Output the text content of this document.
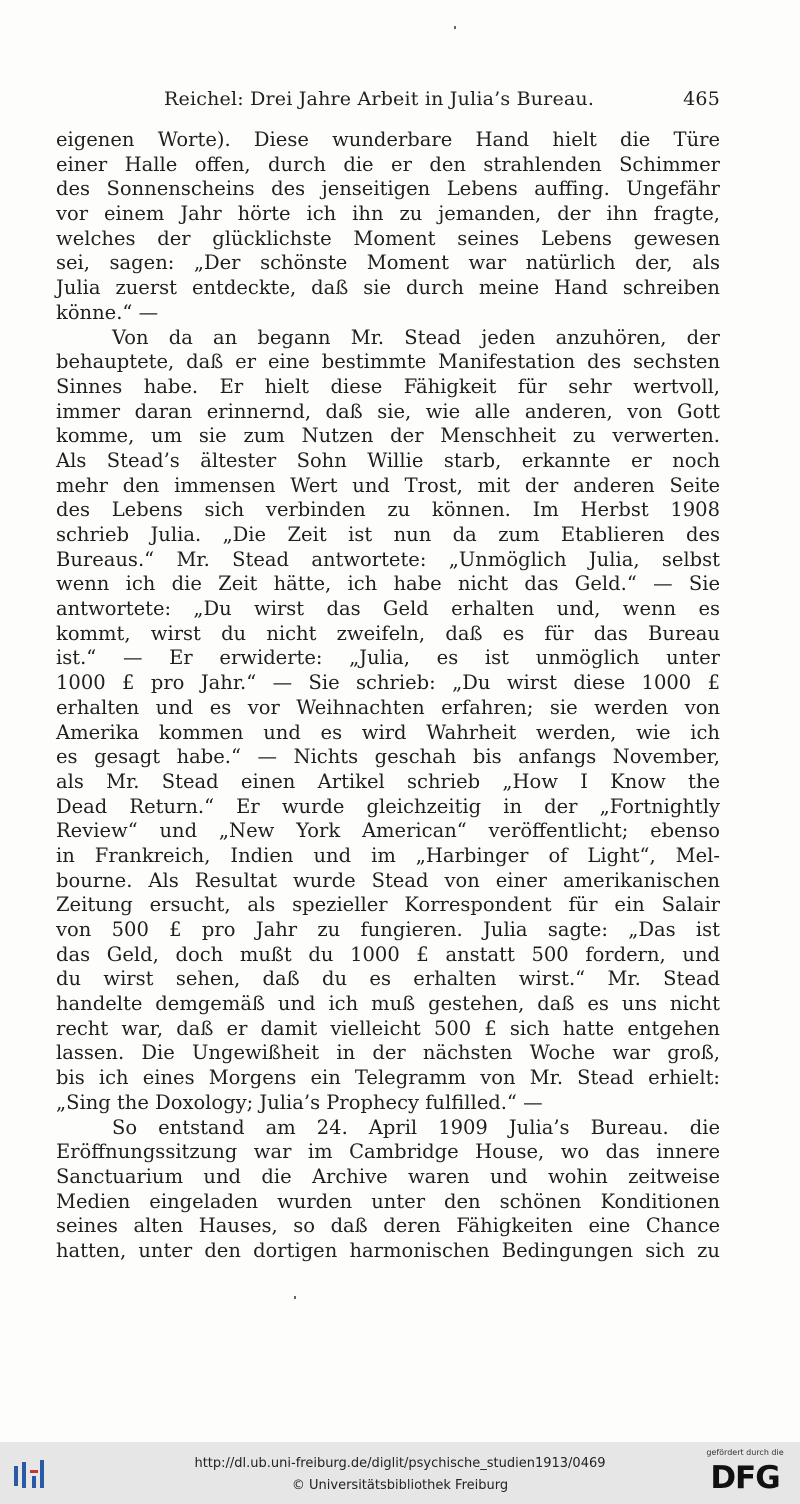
Reichel: Drei Jahre Arbeit in Julia’s Bureau.	465
eigenen Worte). Diese wunderbare Hand hielt die Türe
einer Halle offen, durch die er den strahlenden Schimmer
des Sonnenscheins des jenseitigen Lebens auffing. Ungefähr
vor einem Jahr hörte ich ihn zu jemanden, der ihn fragte,
welches der glücklichste Moment seines Lebens gewesen
sei, sagen: „Der schönste Moment war natürlich der, als
Julia zuerst entdeckte, daß sie durch meine Hand schreiben
könne.“ —
Von da an begann Mr. Stead jeden anzuhören, der
behauptete, daß er eine bestimmte Manifestation des sechsten
Sinnes habe. Er hielt diese Fähigkeit für sehr wertvoll,
immer daran erinnernd, daß sie, wie alle anderen, von Gott
komme, um sie zum Nutzen der Menschheit zu verwerten.
Als Stead’s ältester Sohn Willie starb, erkannte er noch
mehr den immensen Wert und Trost, mit der anderen Seite
des Lebens sich verbinden zu können. Im Herbst 1908
schrieb Julia. „Die Zeit ist nun da zum Etablieren des
Bureaus.“ Mr. Stead antwortete: „Unmöglich Julia, selbst
wenn ich die Zeit hätte, ich habe nicht das Geld.“ — Sie
antwortete: „Du wirst das Geld erhalten und, wenn es
kommt, wirst du nicht zweifeln, daß es für das Bureau
ist.“ — Er erwiderte: „Julia, es ist unmöglich unter
1000 £ pro Jahr.“ — Sie schrieb: „Du wirst diese 1000 £
erhalten und es vor Weihnachten erfahren; sie werden von
Amerika kommen und es wird Wahrheit werden, wie ich
es gesagt habe.“ — Nichts geschah bis anfangs November,
als Mr. Stead einen Artikel schrieb „How I Know the
Dead Return.“ Er wurde gleichzeitig in der „Fortnightly
Review“ und „New York American“ veröffentlicht; ebenso
in Frankreich, Indien und im „Harbinger of Light“, Mel-
bourne. Als Resultat wurde Stead von einer amerikanischen
Zeitung ersucht, als spezieller Korrespondent für ein Salair
von 500 £ pro Jahr zu fungieren. Julia sagte: „Das ist
das Geld, doch mußt du 1000 £ anstatt 500 fordern, und
du wirst sehen, daß du es erhalten wirst.“ Mr. Stead
handelte demgemäß und ich muß gestehen, daß es uns nicht
recht war, daß er damit vielleicht 500 £ sich hatte entgehen
lassen. Die Ungewißheit in der nächsten Woche war groß,
bis ich eines Morgens ein Telegramm von Mr. Stead erhielt:
„Sing the Doxology; Julia’s Prophecy fulfilled.“ —
So entstand am 24. April 1909 Julia’s Bureau. die
Eröffnungssitzung war im Cambridge House, wo das innere
Sanctuarium und die Archive waren und wohin zeitweise
Medien eingeladen wurden unter den schönen Konditionen
seines alten Hauses, so daß deren Fähigkeiten eine Chance
hatten, unter den dortigen harmonischen Bedingungen sich zu
http://dl.ub.uni-freiburg.de/diglit/psychische_studien1913/0469
© Universitätsbibliothek Freiburg
gefördert durch die
DFG
